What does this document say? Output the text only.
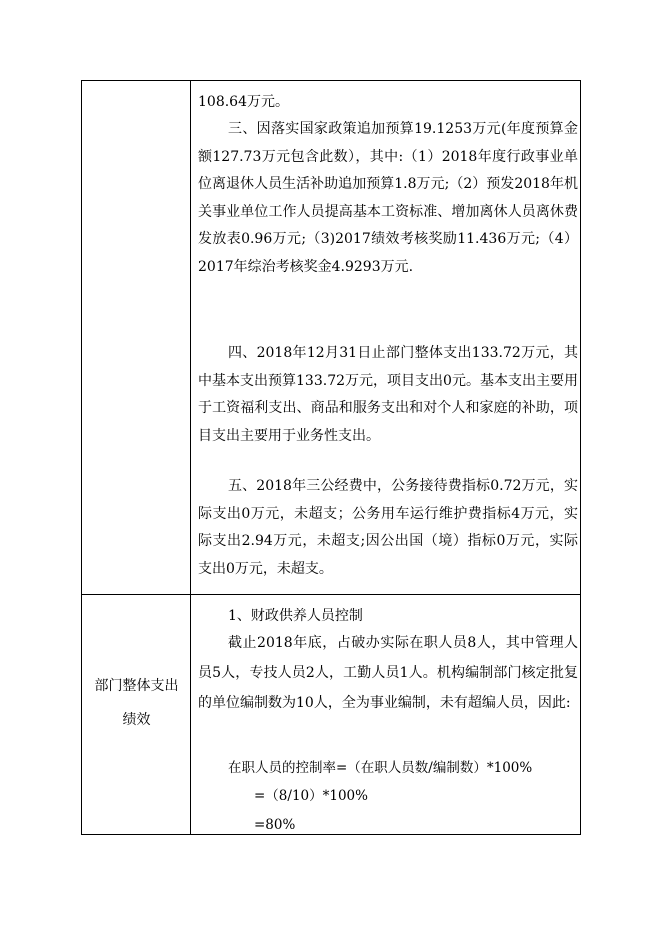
108.64万元。

三、因落实国家政策追加预算19.1253万元(年度预算金额127.73万元包含此数），其中:（1）2018年度行政事业单位离退休人员生活补助追加预算1.8万元;（2）预发2018年机关事业单位工作人员提高基本工资标准、增加离休人员离休费发放表0.96万元;（3)2017绩效考核奖励11.436万元;（4）2017年综治考核奖金4.9293万元.

四、2018年12月31日止部门整体支出133.72万元，其中基本支出预算133.72万元，项目支出0元。基本支出主要用于工资福利支出、商品和服务支出和对个人和家庭的补助，项目支出主要用于业务性支出。

五、2018年三公经费中，公务接待费指标0.72万元，实际支出0万元，未超支；公务用车运行维护费指标4万元，实际支出2.94万元，未超支;因公出国（境）指标0万元，实际支出0万元，未超支。

部门整体支出
绩效

1、财政供养人员控制

截止2018年底，占破办实际在职人员8人，其中管理人员5人，专技人员2人，工勤人员1人。机构编制部门核定批复的单位编制数为10人，全为事业编制，未有超编人员，因此:

在职人员的控制率=（在职人员数/编制数）*100%
=（8/10）*100%
=80%
